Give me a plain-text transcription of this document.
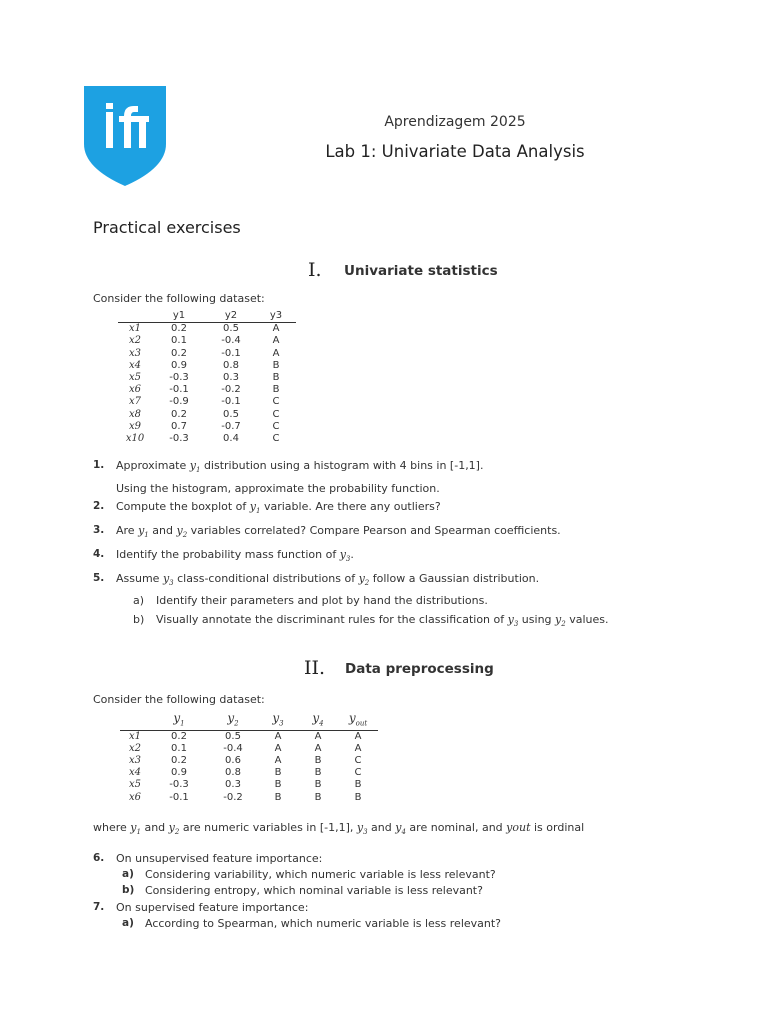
Aprendizagem 2025
Lab 1: Univariate Data Analysis
Practical exercises
I. Univariate statistics
Consider the following dataset:
	y1	y2	y3
x1	0.2	0.5	A
x2	0.1	-0.4	A
x3	0.2	-0.1	A
x4	0.9	0.8	B
x5	-0.3	0.3	B
x6	-0.1	-0.2	B
x7	-0.9	-0.1	C
x8	0.2	0.5	C
x9	0.7	-0.7	C
x10	-0.3	0.4	C
1. Approximate $y_1$ distribution using a histogram with 4 bins in [-1,1].
Using the histogram, approximate the probability function.
2. Compute the boxplot of $y_1$ variable. Are there any outliers?
3. Are $y_1$ and $y_2$ variables correlated? Compare Pearson and Spearman coefficients.
4. Identify the probability mass function of $y_3$.
5. Assume $y_3$ class-conditional distributions of $y_2$ follow a Gaussian distribution.
a) Identify their parameters and plot by hand the distributions.
b) Visually annotate the discriminant rules for the classification of $y_3$ using $y_2$ values.
II. Data preprocessing
Consider the following dataset:
	$y_1$	$y_2$	$y_3$	$y_4$	$y_{out}$
x1	0.2	0.5	A	A	A
x2	0.1	-0.4	A	A	A
x3	0.2	0.6	A	B	C
x4	0.9	0.8	B	B	C
x5	-0.3	0.3	B	B	B
x6	-0.1	-0.2	B	B	B
where $y_1$ and $y_2$ are numeric variables in [-1,1], $y_3$ and $y_4$ are nominal, and yout is ordinal
6. On unsupervised feature importance:
a) Considering variability, which numeric variable is less relevant?
b) Considering entropy, which nominal variable is less relevant?
7. On supervised feature importance:
a) According to Spearman, which numeric variable is less relevant?
